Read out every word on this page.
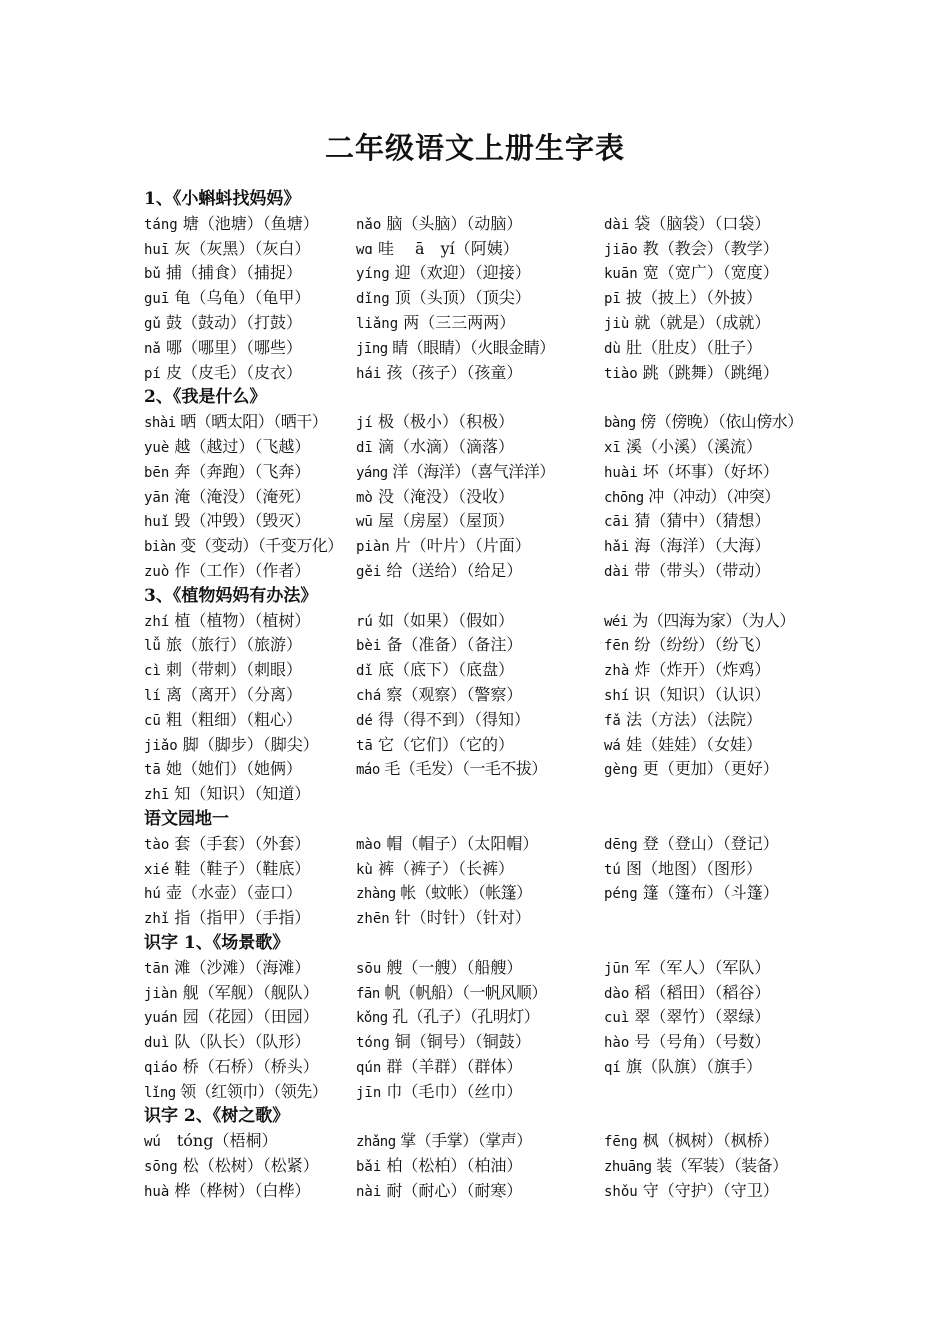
二年级语文上册生字表
1、《小蝌蚪找妈妈》
táng 塘（池塘）（鱼塘）	nǎo 脑（头脑）（动脑）	dài 袋（脑袋）（口袋）
huī 灰（灰黑）（灰白）	wɑ 哇　 ā　yí（阿姨）	jiāo 教（教会）（教学）
bǔ 捕（捕食）（捕捉）	yíng 迎（欢迎）（迎接）	kuān 宽（宽广）（宽度）
guī 龟（乌龟）（龟甲）	dǐng 顶（头顶）（顶尖）	pī 披（披上）（外披）
gǔ 鼓（鼓动）（打鼓）	liǎng 两（三三两两）	jiù 就（就是）（成就）
nǎ 哪（哪里）（哪些）	jīng 睛（眼睛）（火眼金睛）	dù 肚（肚皮）（肚子）
pí 皮（皮毛）（皮衣）	hái 孩（孩子）（孩童）	tiào 跳（跳舞）（跳绳）
2、《我是什么》
shài 晒（晒太阳）（晒干） jí 极（极小）（积极）	bàng 傍（傍晚）（依山傍水）
yuè 越（越过）（飞越）	dī 滴（水滴）（滴落）	xī 溪（小溪）（溪流）
bēn 奔（奔跑）（飞奔）	yáng 洋（海洋）（喜气洋洋）	huài 坏（坏事）（好坏）
yān 淹（淹没）（淹死）	mò 没（淹没）（没收）	chōng 冲（冲动）（冲突）
huǐ 毁（冲毁）（毁灭）	wū 屋（房屋）（屋顶）	cāi 猜（猜中）（猜想）
biàn 变（变动）（千变万化） piàn 片（叶片）（片面）	hǎi 海（海洋）（大海）
zuò 作（工作）（作者）	gěi 给（送给）（给足）	dài 带（带头）（带动）
3、《植物妈妈有办法》
zhí 植（植物）（植树）	rú 如（如果）（假如）	wéi 为（四海为家）（为人）
lǚ 旅（旅行）（旅游）	bèi 备（准备）（备注）	fēn 纷（纷纷）（纷飞）
cì 刺（带刺）（刺眼）	dǐ 底（底下）（底盘）	zhà 炸（炸开）（炸鸡）
lí 离（离开）（分离）	chá 察（观察）（警察）	shí 识（知识）（认识）
cū 粗（粗细）（粗心）	dé 得（得不到）（得知）	fǎ 法（方法）（法院）
jiǎo 脚（脚步）（脚尖）	tā 它（它们）（它的）	wá 娃（娃娃）（女娃）
tā 她（她们）（她俩）	máo 毛（毛发）（一毛不拔）	gèng 更（更加）（更好）
zhī 知（知识）（知道）
语文园地一
tào 套（手套）（外套）	mào 帽（帽子）（太阳帽）	dēng 登（登山）（登记）
xié 鞋（鞋子）（鞋底）	kù 裤（裤子）（长裤）	tú 图（地图）（图形）
hú 壶（水壶）（壶口）	zhàng 帐（蚊帐）（帐篷）	péng 篷（篷布）（斗篷）
zhǐ 指（指甲）（手指）	zhēn 针（时针）（针对）
识字 1、《场景歌》
tān 滩（沙滩）（海滩）	sōu 艘（一艘）（船艘）	jūn 军（军人）（军队）
jiàn 舰（军舰）（舰队）	fān 帆（帆船）（一帆风顺）	dào 稻（稻田）（稻谷）
yuán 园（花园）（田园）	kǒng 孔（孔子）（孔明灯）	cuì 翠（翠竹）（翠绿）
duì 队（队长）（队形）	tóng 铜（铜号）（铜鼓）	hào 号（号角）（号数）
qiáo 桥（石桥）（桥头）	qún 群（羊群）（群体）	qí 旗（队旗）（旗手）
lǐng 领（红领巾）（领先） jīn 巾（毛巾）（丝巾）
识字 2、《树之歌》
wú　tóng（梧桐）	zhǎng 掌（手掌）（掌声）	fēng 枫（枫树）（枫桥）
sōng 松（松树）（松紧）	bǎi 柏（松柏）（柏油）	zhuāng 装（军装）（装备）
huà 桦（桦树）（白桦）	nài 耐（耐心）（耐寒）	shǒu 守（守护）（守卫）
